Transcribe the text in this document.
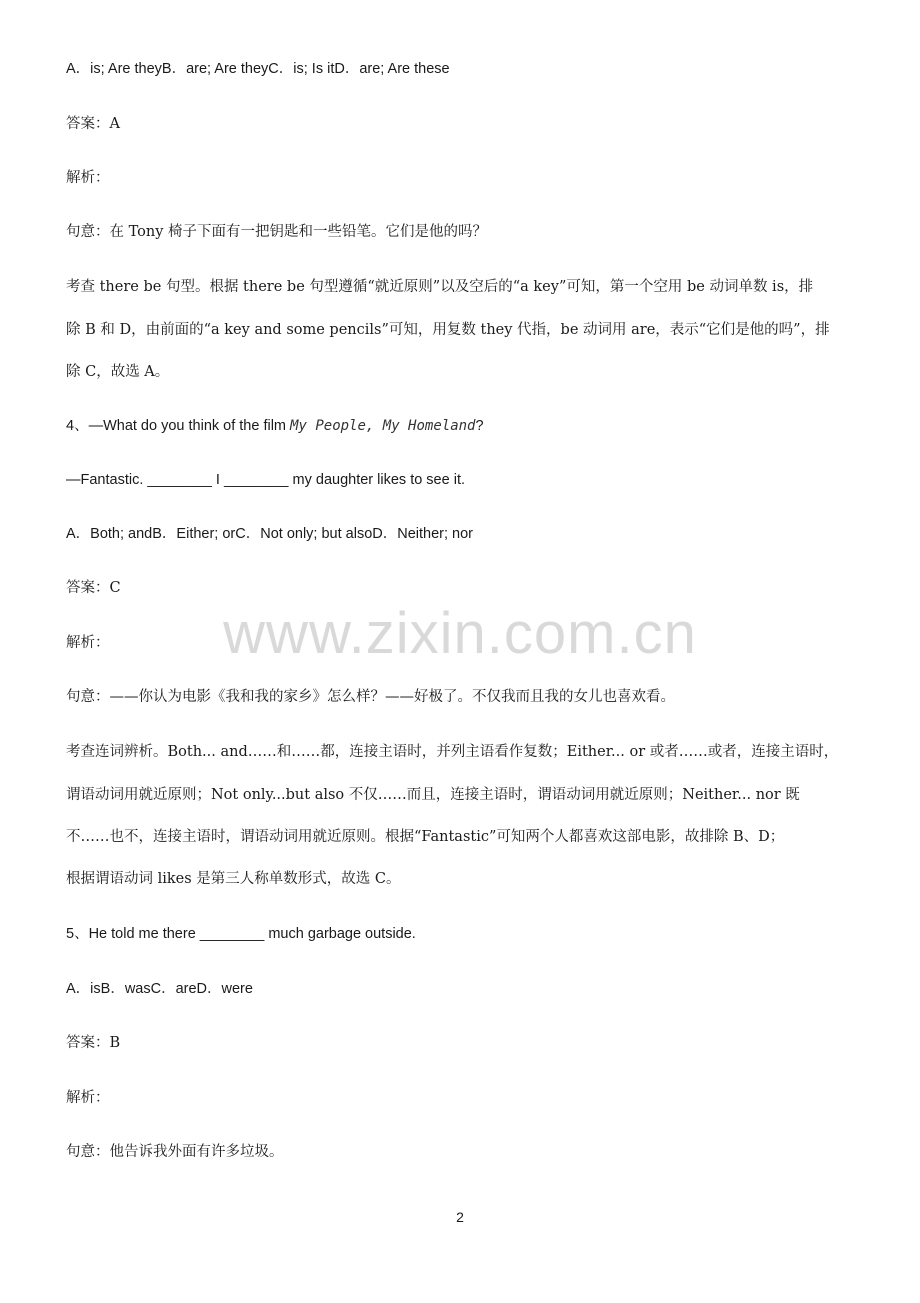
www.zixin.com.cn
A．is; Are theyB．are; Are theyC．is; Is itD．are; Are these
答案：A
解析：
句意：在 Tony 椅子下面有一把钥匙和一些铅笔。它们是他的吗？
考查 there be 句型。根据 there be 句型遵循“就近原则”以及空后的“a key”可知，第一个空用 be 动词单数 is，排
除 B 和 D，由前面的“a key and some pencils”可知，用复数 they 代指，be 动词用 are，表示“它们是他的吗”，排
除 C，故选 A。
4、—What do you think of the film My People, My Homeland?
—Fantastic. ________ I ________ my daughter likes to see it.
A．Both; andB．Either; orC．Not only; but alsoD．Neither; nor
答案：C
解析：
句意：——你认为电影《我和我的家乡》怎么样？——好极了。不仅我而且我的女儿也喜欢看。
考查连词辨析。Both... and……和……都，连接主语时，并列主语看作复数；Either... or 或者……或者，连接主语时，
谓语动词用就近原则；Not only...but also 不仅……而且，连接主语时，谓语动词用就近原则；Neither... nor 既
不……也不，连接主语时，谓语动词用就近原则。根据“Fantastic”可知两个人都喜欢这部电影，故排除 B、D；
根据谓语动词 likes 是第三人称单数形式，故选 C。
5、He told me there ________ much garbage outside.
A．isB．wasC．areD．were
答案：B
解析：
句意：他告诉我外面有许多垃圾。
2
